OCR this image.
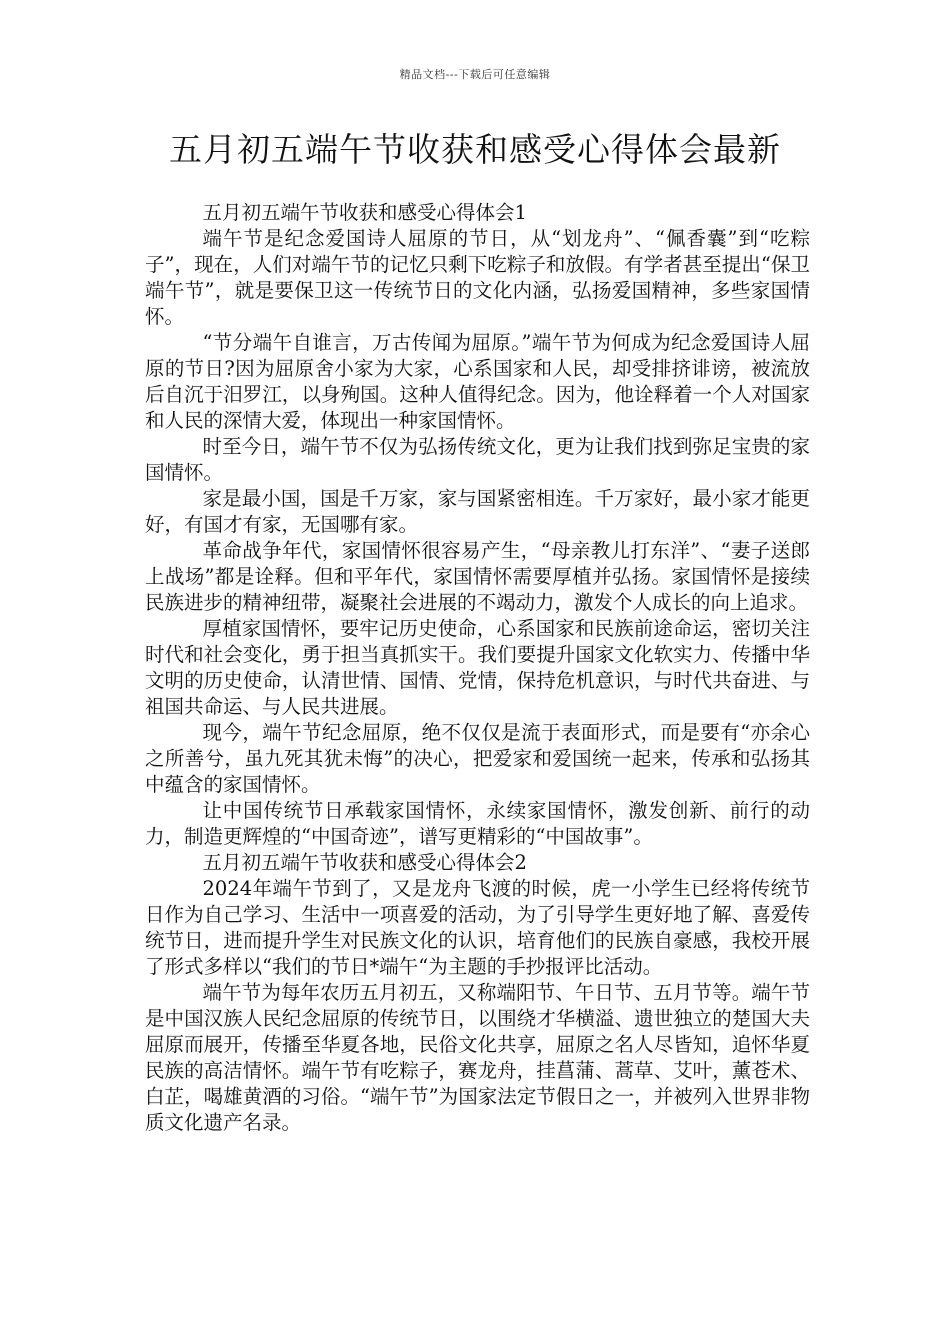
精品文档---下载后可任意编辑
五月初五端午节收获和感受心得体会最新

五月初五端午节收获和感受心得体会1

端午节是纪念爱国诗人屈原的节日，从“划龙舟”、“佩香囊”到“吃粽子”，现在，人们对端午节的记忆只剩下吃粽子和放假。有学者甚至提出“保卫端午节”，就是要保卫这一传统节日的文化内涵，弘扬爱国精神，多些家国情怀。

“节分端午自谁言，万古传闻为屈原。”端午节为何成为纪念爱国诗人屈原的节日?因为屈原舍小家为大家，心系国家和人民，却受排挤诽谤，被流放后自沉于汨罗江，以身殉国。这种人值得纪念。因为，他诠释着一个人对国家和人民的深情大爱，体现出一种家国情怀。

时至今日，端午节不仅为弘扬传统文化，更为让我们找到弥足宝贵的家国情怀。

家是最小国，国是千万家，家与国紧密相连。千万家好，最小家才能更好，有国才有家，无国哪有家。

革命战争年代，家国情怀很容易产生，“母亲教儿打东洋”、“妻子送郎上战场”都是诠释。但和平年代，家国情怀需要厚植并弘扬。家国情怀是接续民族进步的精神纽带，凝聚社会进展的不竭动力，激发个人成长的向上追求。

厚植家国情怀，要牢记历史使命，心系国家和民族前途命运，密切关注时代和社会变化，勇于担当真抓实干。我们要提升国家文化软实力、传播中华文明的历史使命，认清世情、国情、党情，保持危机意识，与时代共奋进、与祖国共命运、与人民共进展。

现今，端午节纪念屈原，绝不仅仅是流于表面形式，而是要有“亦余心之所善兮，虽九死其犹未悔”的决心，把爱家和爱国统一起来，传承和弘扬其中蕴含的家国情怀。

让中国传统节日承载家国情怀，永续家国情怀，激发创新、前行的动力，制造更辉煌的“中国奇迹”，谱写更精彩的“中国故事”。

五月初五端午节收获和感受心得体会2

2024年端午节到了，又是龙舟飞渡的时候，虎一小学生已经将传统节日作为自己学习、生活中一项喜爱的活动，为了引导学生更好地了解、喜爱传统节日，进而提升学生对民族文化的认识，培育他们的民族自豪感，我校开展了形式多样以“我们的节日*端午“为主题的手抄报评比活动。

端午节为每年农历五月初五，又称端阳节、午日节、五月节等。端午节是中国汉族人民纪念屈原的传统节日，以围绕才华横溢、遗世独立的楚国大夫屈原而展开，传播至华夏各地，民俗文化共享，屈原之名人尽皆知，追怀华夏民族的高洁情怀。端午节有吃粽子，赛龙舟，挂菖蒲、蒿草、艾叶，薰苍术、白芷，喝雄黄酒的习俗。“端午节”为国家法定节假日之一，并被列入世界非物质文化遗产名录。
